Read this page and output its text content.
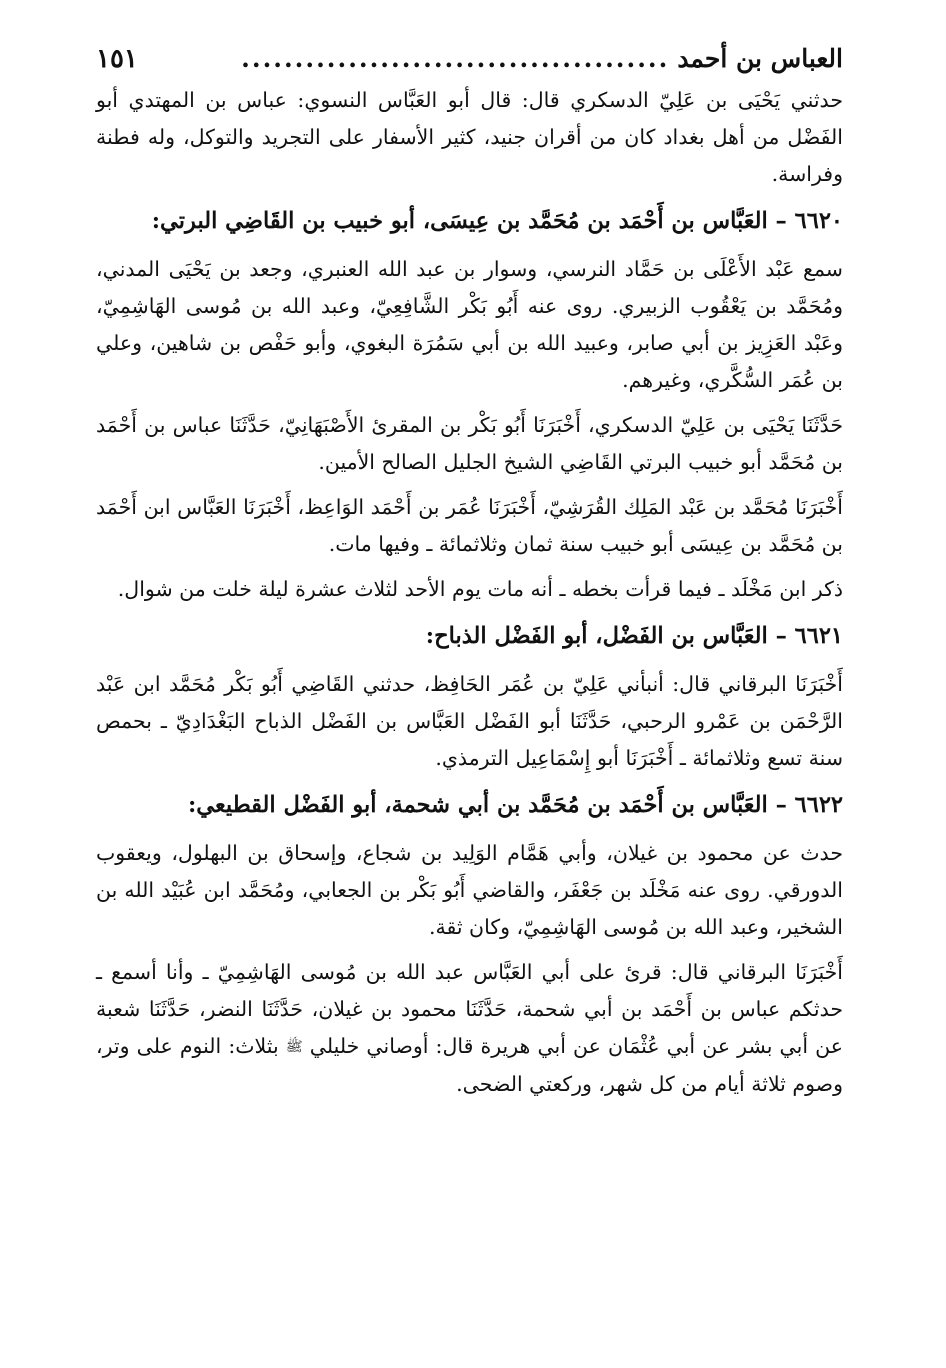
العباس بن أحمد
........................................
١٥١

حدثني يَحْيَى بن عَلِيّ الدسكري قال: قال أبو العَبَّاس النسوي: عباس بن المهتدي أبو الفَضْل من أهل بغداد كان من أقران جنيد، كثير الأسفار على التجريد والتوكل، وله فطنة وفراسة.

٦٦٢٠ – العَبَّاس بن أَحْمَد بن مُحَمَّد بن عِيسَى، أبو خبيب بن القَاضِي البرتي:

سمع عَبْد الأَعْلَى بن حَمَّاد النرسي، وسوار بن عبد الله العنبري، وجعد بن يَحْيَى المدني، ومُحَمَّد بن يَعْقُوب الزبيري. روى عنه أَبُو بَكْر الشَّافِعِيّ، وعبد الله بن مُوسى الهَاشِمِيّ، وعَبْد العَزِيز بن أبي صابر، وعبيد الله بن أبي سَمُرَة البغوي، وأبو حَفْص بن شاهين، وعلي بن عُمَر السُّكَّري، وغيرهم.

حَدَّثَنَا يَحْيَى بن عَلِيّ الدسكري، أَخْبَرَنَا أَبُو بَكْر بن المقرئ الأَصْبَهَانِيّ، حَدَّثَنَا عباس بن أَحْمَد بن مُحَمَّد أبو خبيب البرتي القَاضِي الشيخ الجليل الصالح الأمين.

أَخْبَرَنَا مُحَمَّد بن عَبْد المَلِك القُرَشِيّ، أَخْبَرَنَا عُمَر بن أَحْمَد الوَاعِظ، أَخْبَرَنَا العَبَّاس ابن أَحْمَد بن مُحَمَّد بن عِيسَى أبو خبيب سنة ثمان وثلاثمائة ـ وفيها مات.

ذكر ابن مَخْلَد ـ فيما قرأت بخطه ـ أنه مات يوم الأحد لثلاث عشرة ليلة خلت من شوال.

٦٦٢١ – العَبَّاس بن الفَضْل، أبو الفَضْل الذباح:

أَخْبَرَنَا البرقاني قال: أنبأني عَلِيّ بن عُمَر الحَافِظ، حدثني القَاضِي أَبُو بَكْر مُحَمَّد ابن عَبْد الرَّحْمَن بن عَمْرو الرحبي، حَدَّثَنَا أبو الفَضْل العَبَّاس بن الفَضْل الذباح البَغْدَادِيّ ـ بحمص سنة تسع وثلاثمائة ـ أَخْبَرَنَا أبو إِسْمَاعِيل الترمذي.

٦٦٢٢ – العَبَّاس بن أَحْمَد بن مُحَمَّد بن أبي شحمة، أبو الفَضْل القطيعي:

حدث عن محمود بن غيلان، وأبي هَمَّام الوَلِيد بن شجاع، وإسحاق بن البهلول، ويعقوب الدورقي. روى عنه مَخْلَد بن جَعْفَر، والقاضي أَبُو بَكْر بن الجعابي، ومُحَمَّد ابن عُبَيْد الله بن الشخير، وعبد الله بن مُوسى الهَاشِمِيّ، وكان ثقة.

أَخْبَرَنَا البرقاني قال: قرئ على أبي العَبَّاس عبد الله بن مُوسى الهَاشِمِيّ ـ وأنا أسمع ـ حدثكم عباس بن أَحْمَد بن أبي شحمة، حَدَّثَنَا محمود بن غيلان، حَدَّثَنَا النضر، حَدَّثَنَا شعبة عن أبي بشر عن أبي عُثْمَان عن أبي هريرة قال: أوصاني خليلي ﷺ بثلاث: النوم على وتر، وصوم ثلاثة أيام من كل شهر، وركعتي الضحى.
